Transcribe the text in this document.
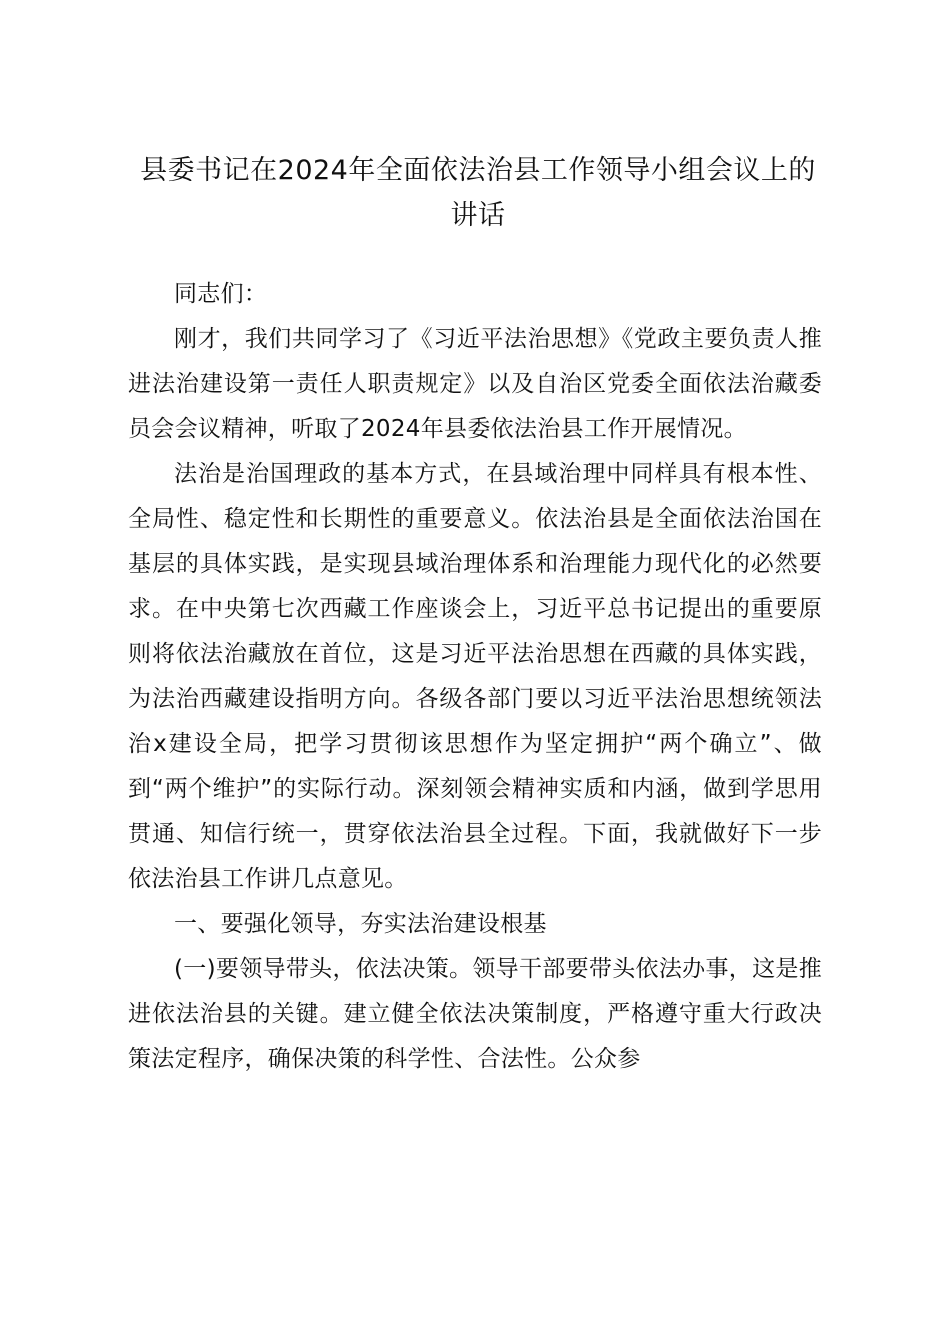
县委书记在2024年全面依法治县工作领导小组会议上的讲话

同志们：

刚才，我们共同学习了《习近平法治思想》《党政主要负责人推进法治建设第一责任人职责规定》以及自治区党委全面依法治藏委员会会议精神，听取了2024年县委依法治县工作开展情况。

法治是治国理政的基本方式，在县域治理中同样具有根本性、全局性、稳定性和长期性的重要意义。依法治县是全面依法治国在基层的具体实践，是实现县域治理体系和治理能力现代化的必然要求。在中央第七次西藏工作座谈会上，习近平总书记提出的重要原则将依法治藏放在首位，这是习近平法治思想在西藏的具体实践，为法治西藏建设指明方向。各级各部门要以习近平法治思想统领法治x建设全局，把学习贯彻该思想作为坚定拥护“两个确立”、做到“两个维护”的实际行动。深刻领会精神实质和内涵，做到学思用贯通、知信行统一，贯穿依法治县全过程。下面，我就做好下一步依法治县工作讲几点意见。

一、要强化领导，夯实法治建设根基

(一)要领导带头，依法决策。领导干部要带头依法办事，这是推进依法治县的关键。建立健全依法决策制度，严格遵守重大行政决策法定程序，确保决策的科学性、合法性。公众参
